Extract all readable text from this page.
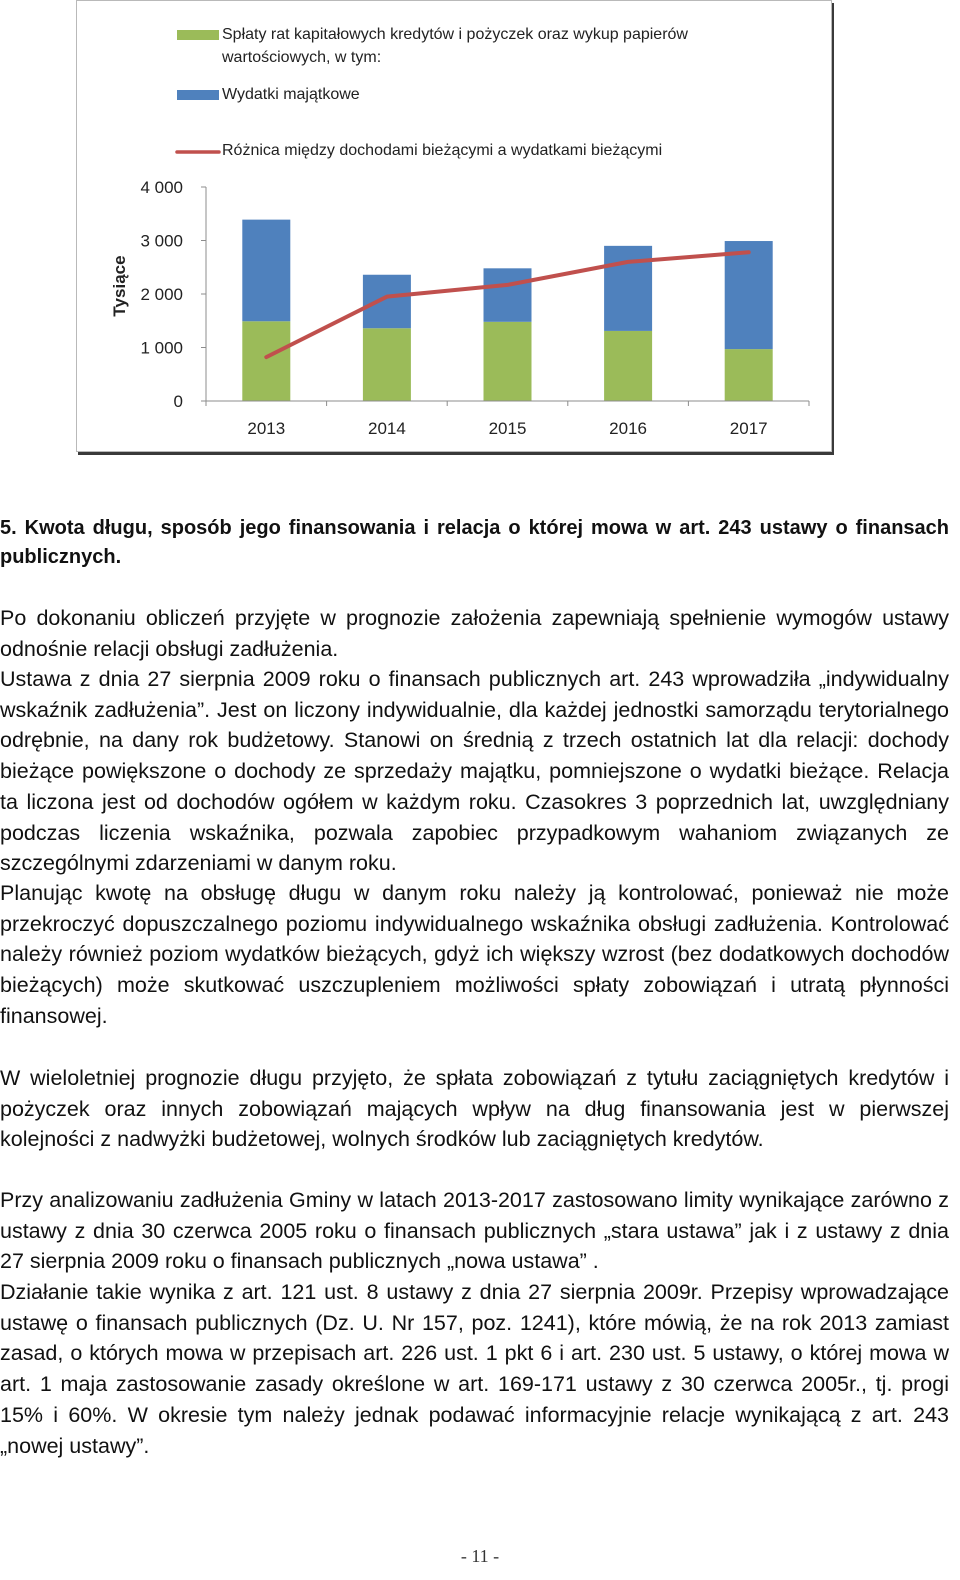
Spłaty rat kapitałowych kredytów i pożyczek oraz wykup papierów
wartościowych, w tym:
Wydatki majątkowe
Różnica między dochodami bieżącymi a wydatkami bieżącymi
Tysiące
0
1 000
2 000
3 000
4 000
2013	2014	2015	2016	2017

5. Kwota długu, sposób jego finansowania i relacja o której mowa w art. 243 ustawy o finansach publicznych.

Po dokonaniu obliczeń przyjęte w prognozie założenia zapewniają spełnienie wymogów ustawy odnośnie relacji obsługi zadłużenia.

Ustawa z dnia 27 sierpnia 2009 roku o finansach publicznych art. 243 wprowadziła „indywidualny wskaźnik zadłużenia”. Jest on liczony indywidualnie, dla każdej jednostki samorządu terytorialnego odrębnie, na dany rok budżetowy. Stanowi on średnią z trzech ostatnich lat dla relacji: dochody bieżące powiększone o dochody ze sprzedaży majątku, pomniejszone o wydatki bieżące. Relacja ta liczona jest od dochodów ogółem w każdym roku. Czasokres 3 poprzednich lat, uwzględniany podczas liczenia wskaźnika, pozwala zapobiec przypadkowym wahaniom związanych ze szczególnymi zdarzeniami w danym roku.

Planując kwotę na obsługę długu w danym roku należy ją kontrolować, ponieważ nie może przekroczyć dopuszczalnego poziomu indywidualnego wskaźnika obsługi zadłużenia. Kontrolować należy również poziom wydatków bieżących, gdyż ich większy wzrost (bez dodatkowych dochodów bieżących) może skutkować uszczupleniem możliwości spłaty zobowiązań i utratą płynności finansowej.

W wieloletniej prognozie długu przyjęto, że spłata zobowiązań z tytułu zaciągniętych kredytów i pożyczek oraz innych zobowiązań mających wpływ na dług finansowania jest w pierwszej kolejności z nadwyżki budżetowej, wolnych środków lub zaciągniętych kredytów.

Przy analizowaniu zadłużenia Gminy w latach 2013-2017 zastosowano limity wynikające zarówno z ustawy z dnia 30 czerwca 2005 roku o finansach publicznych „stara ustawa” jak i z ustawy z dnia 27 sierpnia 2009 roku o finansach publicznych „nowa ustawa” .

Działanie takie wynika z art. 121 ust. 8 ustawy z dnia 27 sierpnia 2009r. Przepisy wprowadzające ustawę o finansach publicznych (Dz. U. Nr 157, poz. 1241), które mówią, że na rok 2013 zamiast zasad, o których mowa w przepisach art. 226 ust. 1 pkt 6 i art. 230 ust. 5 ustawy, o której mowa w art. 1 maja zastosowanie zasady określone w art. 169-171 ustawy z 30 czerwca 2005r., tj. progi 15% i 60%. W okresie tym należy jednak podawać informacyjnie relacje wynikającą z art. 243 „nowej ustawy”.

- 11 -
